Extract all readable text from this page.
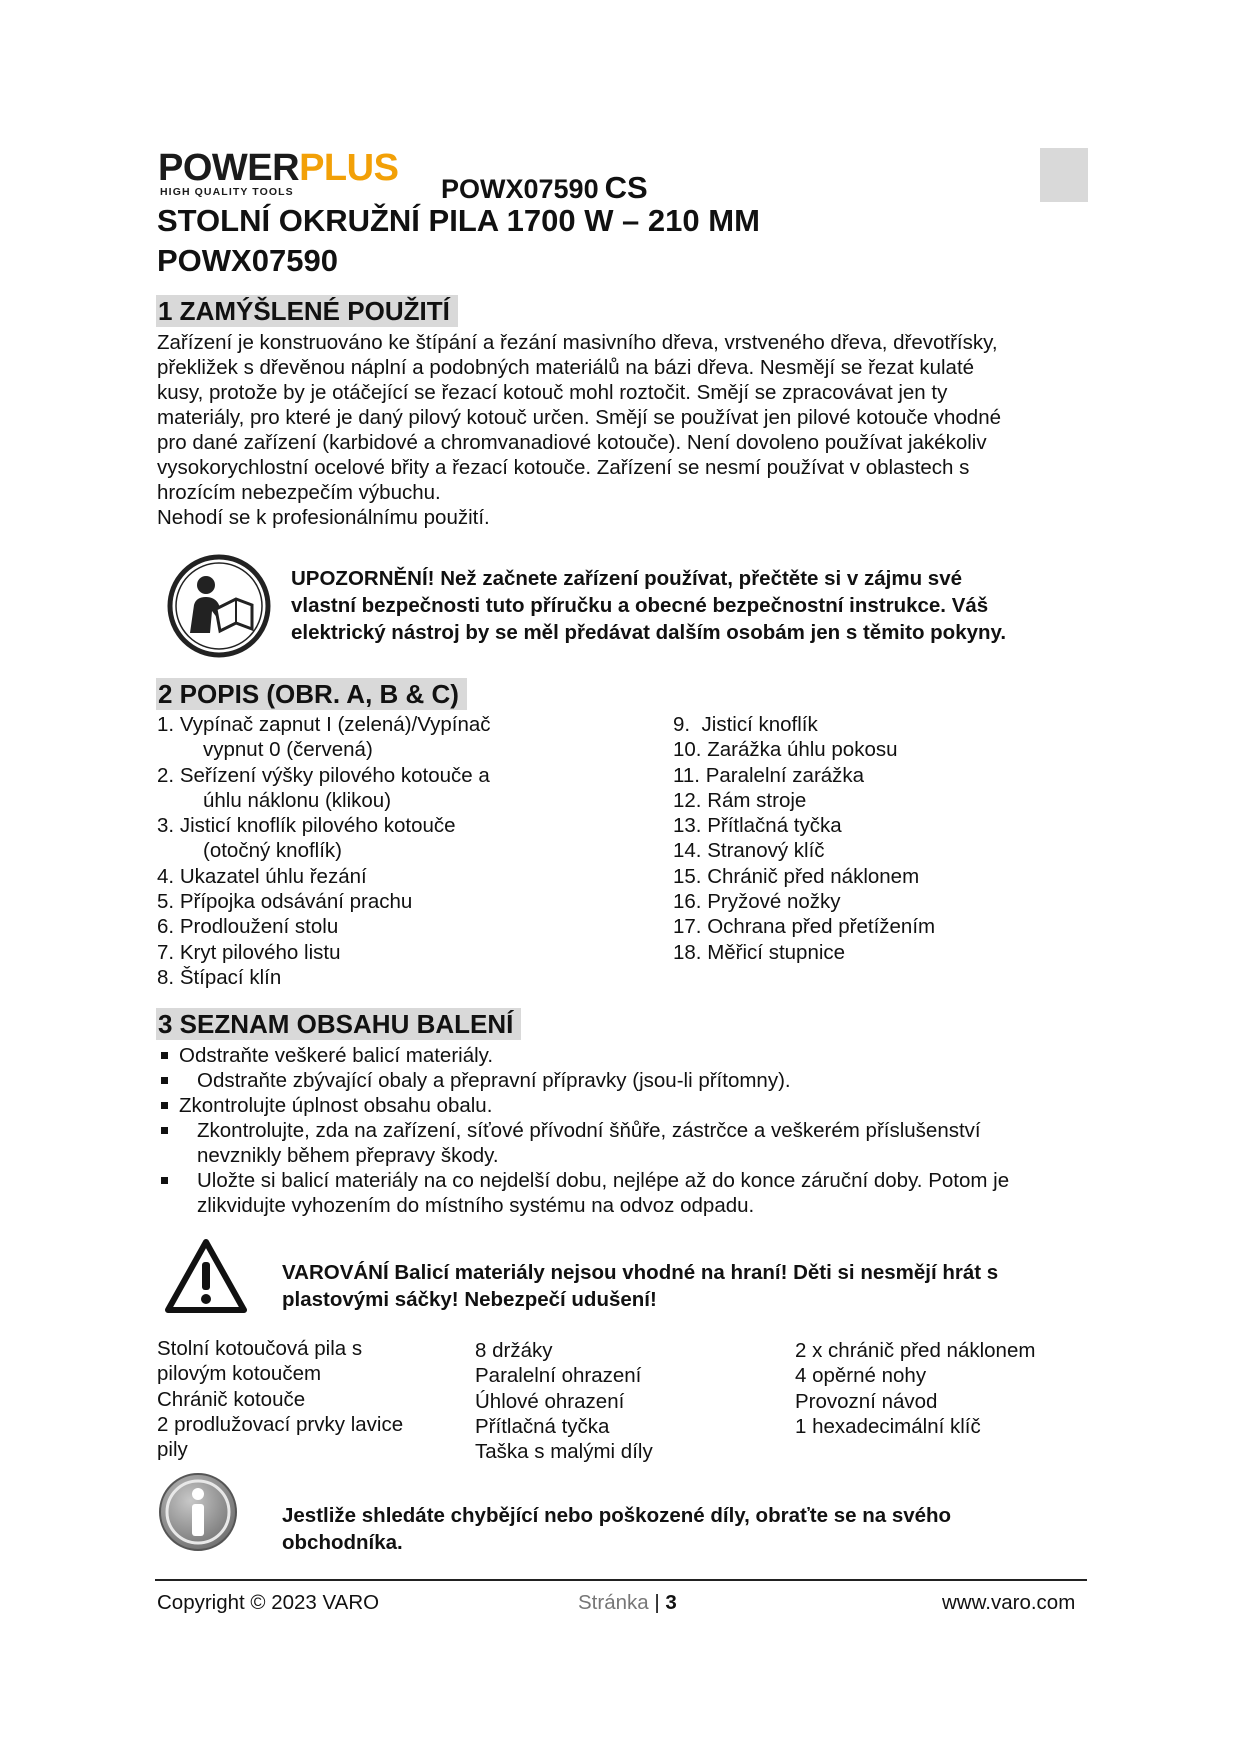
POWERPLUS
HIGH QUALITY TOOLS	POWX07590 CS
STOLNÍ OKRUŽNÍ PILA 1700 W – 210 MM
POWX07590
1 ZAMÝŠLENÉ POUŽITÍ
Zařízení je konstruováno ke štípání a řezání masivního dřeva, vrstveného dřeva, dřevotřísky,
překližek s dřevěnou náplní a podobných materiálů na bázi dřeva. Nesmějí se řezat kulaté
kusy, protože by je otáčející se řezací kotouč mohl roztočit. Smějí se zpracovávat jen ty
materiály, pro které je daný pilový kotouč určen. Smějí se používat jen pilové kotouče vhodné
pro dané zařízení (karbidové a chromvanadiové kotouče). Není dovoleno používat jakékoliv
vysokorychlostní ocelové břity a řezací kotouče. Zařízení se nesmí používat v oblastech s
hrozícím nebezpečím výbuchu.
Nehodí se k profesionálnímu použití.
UPOZORNĚNÍ! Než začnete zařízení používat, přečtěte si v zájmu své
vlastní bezpečnosti tuto příručku a obecné bezpečnostní instrukce. Váš
elektrický nástroj by se měl předávat dalším osobám jen s těmito pokyny.
2 POPIS (OBR. A, B & C)
1. Vypínač zapnut I (zelená)/Vypínač
vypnut 0 (červená)
2. Seřízení výšky pilového kotouče a
úhlu náklonu (klikou)
3. Jisticí knoflík pilového kotouče
(otočný knoflík)
4. Ukazatel úhlu řezání
5. Přípojka odsávání prachu
6. Prodloužení stolu
7. Kryt pilového listu
8. Štípací klín
9. Jisticí knoflík
10. Zarážka úhlu pokosu
11. Paralelní zarážka
12. Rám stroje
13. Přítlačná tyčka
14. Stranový klíč
15. Chránič před náklonem
16. Pryžové nožky
17. Ochrana před přetížením
18. Měřicí stupnice
3 SEZNAM OBSAHU BALENÍ
Odstraňte veškeré balicí materiály.
Odstraňte zbývající obaly a přepravní přípravky (jsou-li přítomny).
Zkontrolujte úplnost obsahu obalu.
Zkontrolujte, zda na zařízení, síťové přívodní šňůře, zástrčce a veškerém příslušenství
nevznikly během přepravy škody.
Uložte si balicí materiály na co nejdelší dobu, nejlépe až do konce záruční doby. Potom je
zlikvidujte vyhozením do místního systému na odvoz odpadu.
VAROVÁNÍ Balicí materiály nejsou vhodné na hraní! Děti si nesmějí hrát s
plastovými sáčky! Nebezpečí udušení!
Stolní kotoučová pila s
pilovým kotoučem
Chránič kotouče
2 prodlužovací prvky lavice
pily
8 držáky
Paralelní ohrazení
Úhlové ohrazení
Přítlačná tyčka
Taška s malými díly
2 x chránič před náklonem
4 opěrné nohy
Provozní návod
1 hexadecimální klíč
Jestliže shledáte chybějící nebo poškozené díly, obraťte se na svého
obchodníka.
Copyright © 2023 VARO	Stránka | 3	www.varo.com
